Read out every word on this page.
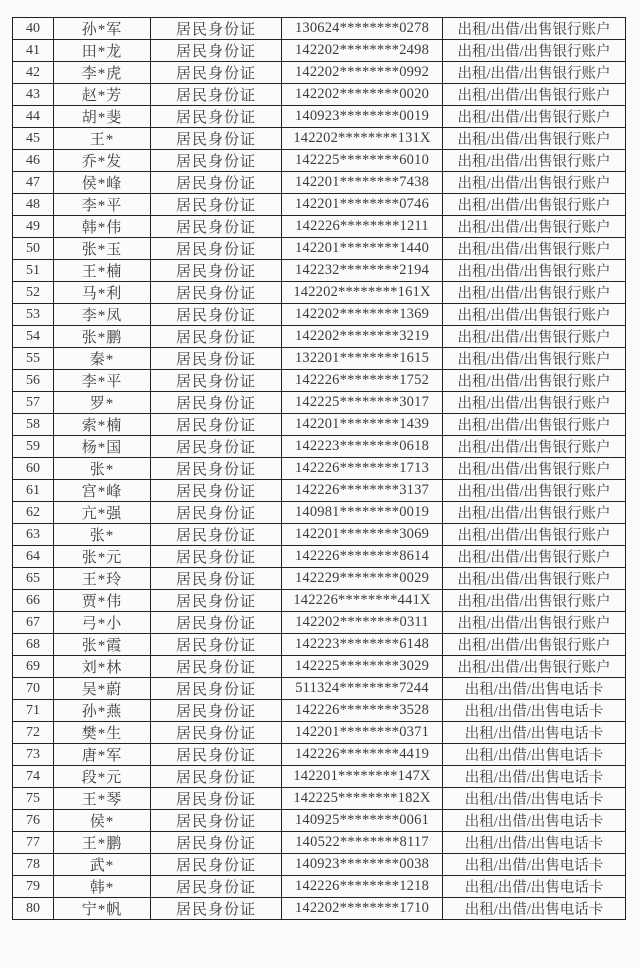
40	孙*军	居民身份证	130624********0278	出租/出借/出售银行账户
41	田*龙	居民身份证	142202********2498	出租/出借/出售银行账户
42	李*虎	居民身份证	142202********0992	出租/出借/出售银行账户
43	赵*芳	居民身份证	142202********0020	出租/出借/出售银行账户
44	胡*斐	居民身份证	140923********0019	出租/出借/出售银行账户
45	王*	居民身份证	142202********131X	出租/出借/出售银行账户
46	乔*发	居民身份证	142225********6010	出租/出借/出售银行账户
47	侯*峰	居民身份证	142201********7438	出租/出借/出售银行账户
48	李*平	居民身份证	142201********0746	出租/出借/出售银行账户
49	韩*伟	居民身份证	142226********1211	出租/出借/出售银行账户
50	张*玉	居民身份证	142201********1440	出租/出借/出售银行账户
51	王*楠	居民身份证	142232********2194	出租/出借/出售银行账户
52	马*利	居民身份证	142202********161X	出租/出借/出售银行账户
53	李*凤	居民身份证	142202********1369	出租/出借/出售银行账户
54	张*鹏	居民身份证	142202********3219	出租/出借/出售银行账户
55	秦*	居民身份证	132201********1615	出租/出借/出售银行账户
56	李*平	居民身份证	142226********1752	出租/出借/出售银行账户
57	罗*	居民身份证	142225********3017	出租/出借/出售银行账户
58	索*楠	居民身份证	142201********1439	出租/出借/出售银行账户
59	杨*国	居民身份证	142223********0618	出租/出借/出售银行账户
60	张*	居民身份证	142226********1713	出租/出借/出售银行账户
61	宫*峰	居民身份证	142226********3137	出租/出借/出售银行账户
62	亢*强	居民身份证	140981********0019	出租/出借/出售银行账户
63	张*	居民身份证	142201********3069	出租/出借/出售银行账户
64	张*元	居民身份证	142226********8614	出租/出借/出售银行账户
65	王*玲	居民身份证	142229********0029	出租/出借/出售银行账户
66	贾*伟	居民身份证	142226********441X	出租/出借/出售银行账户
67	弓*小	居民身份证	142202********0311	出租/出借/出售银行账户
68	张*霞	居民身份证	142223********6148	出租/出借/出售银行账户
69	刘*林	居民身份证	142225********3029	出租/出借/出售银行账户
70	吴*蔚	居民身份证	511324********7244	出租/出借/出售电话卡
71	孙*燕	居民身份证	142226********3528	出租/出借/出售电话卡
72	樊*生	居民身份证	142201********0371	出租/出借/出售电话卡
73	唐*军	居民身份证	142226********4419	出租/出借/出售电话卡
74	段*元	居民身份证	142201********147X	出租/出借/出售电话卡
75	王*琴	居民身份证	142225********182X	出租/出借/出售电话卡
76	侯*	居民身份证	140925********0061	出租/出借/出售电话卡
77	王*鹏	居民身份证	140522********8117	出租/出借/出售电话卡
78	武*	居民身份证	140923********0038	出租/出借/出售电话卡
79	韩*	居民身份证	142226********1218	出租/出借/出售电话卡
80	宁*帆	居民身份证	142202********1710	出租/出借/出售电话卡
